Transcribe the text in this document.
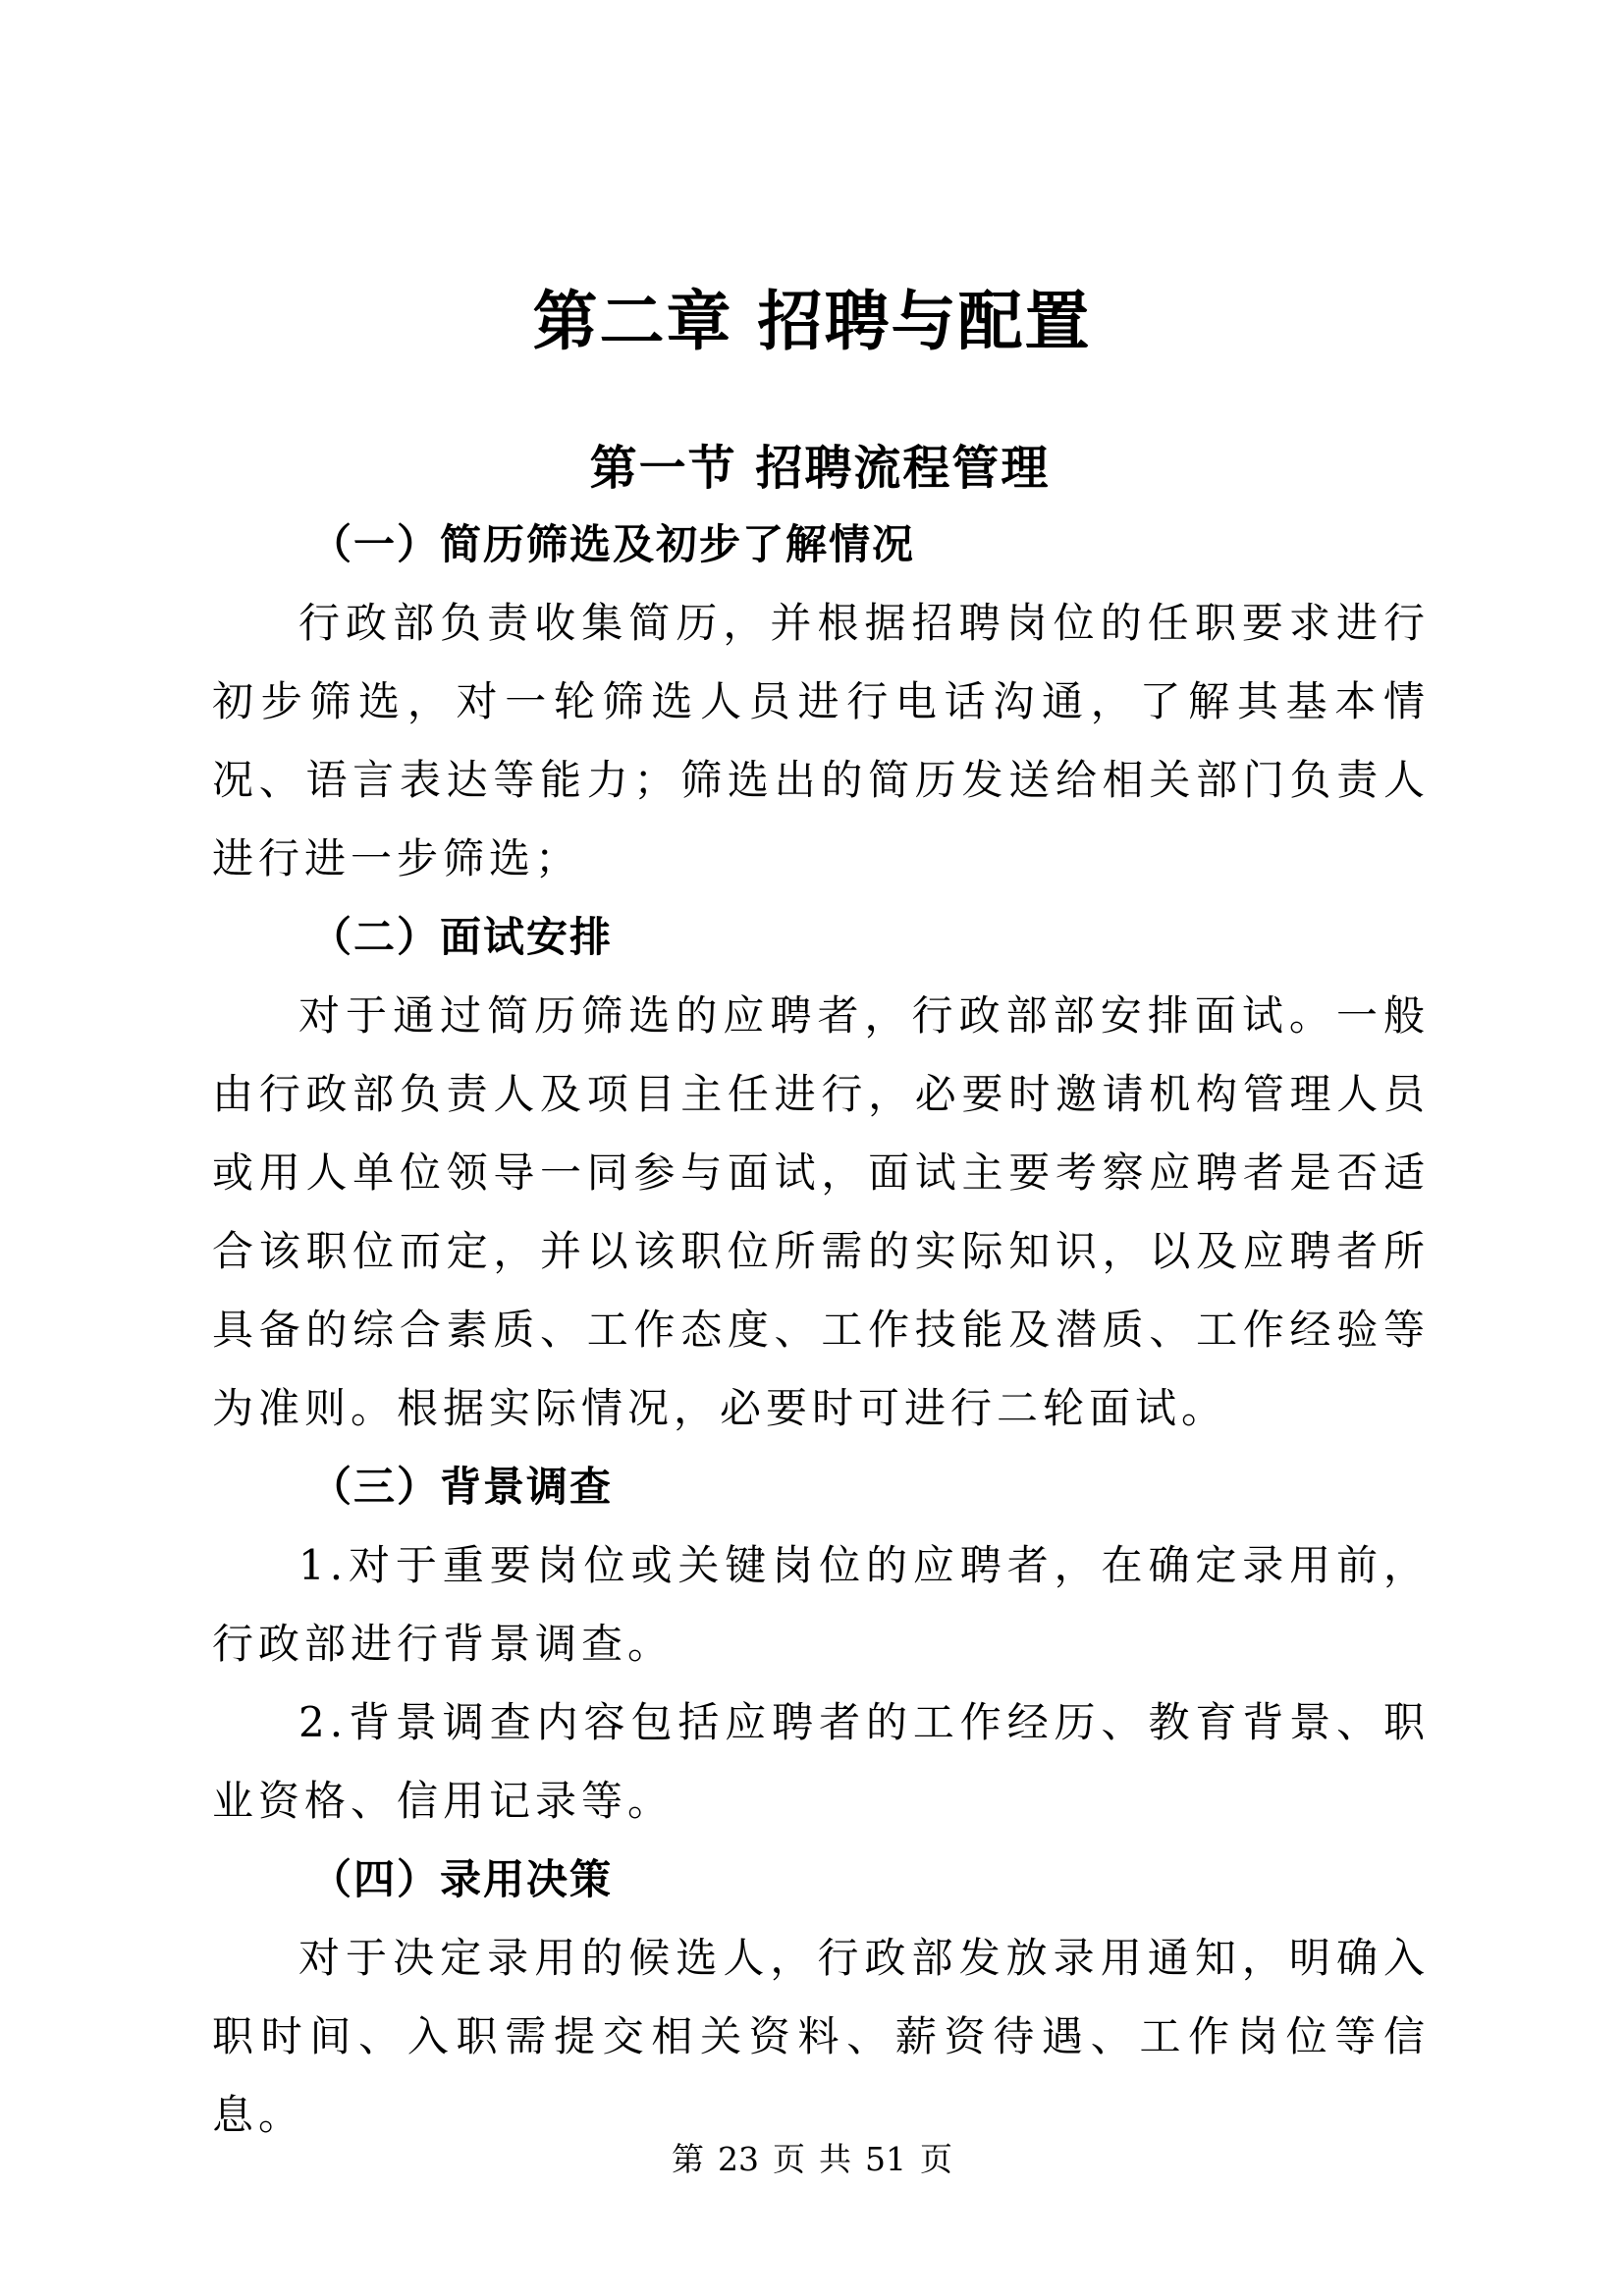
第二章 招聘与配置
第一节 招聘流程管理
（一）简历筛选及初步了解情况

行政部负责收集简历，并根据招聘岗位的任职要求进行初步筛选，对一轮筛选人员进行电话沟通，了解其基本情况、语言表达等能力；筛选出的简历发送给相关部门负责人进行进一步筛选；

（二）面试安排

对于通过简历筛选的应聘者，行政部部安排面试。一般由行政部负责人及项目主任进行，必要时邀请机构管理人员或用人单位领导一同参与面试，面试主要考察应聘者是否适合该职位而定，并以该职位所需的实际知识，以及应聘者所具备的综合素质、工作态度、工作技能及潜质、工作经验等为准则。根据实际情况，必要时可进行二轮面试。

（三）背景调查

1.对于重要岗位或关键岗位的应聘者，在确定录用前，行政部进行背景调查。

2.背景调查内容包括应聘者的工作经历、教育背景、职业资格、信用记录等。

（四）录用决策

对于决定录用的候选人，行政部发放录用通知，明确入职时间、入职需提交相关资料、薪资待遇、工作岗位等信息。

第 23 页 共 51 页
